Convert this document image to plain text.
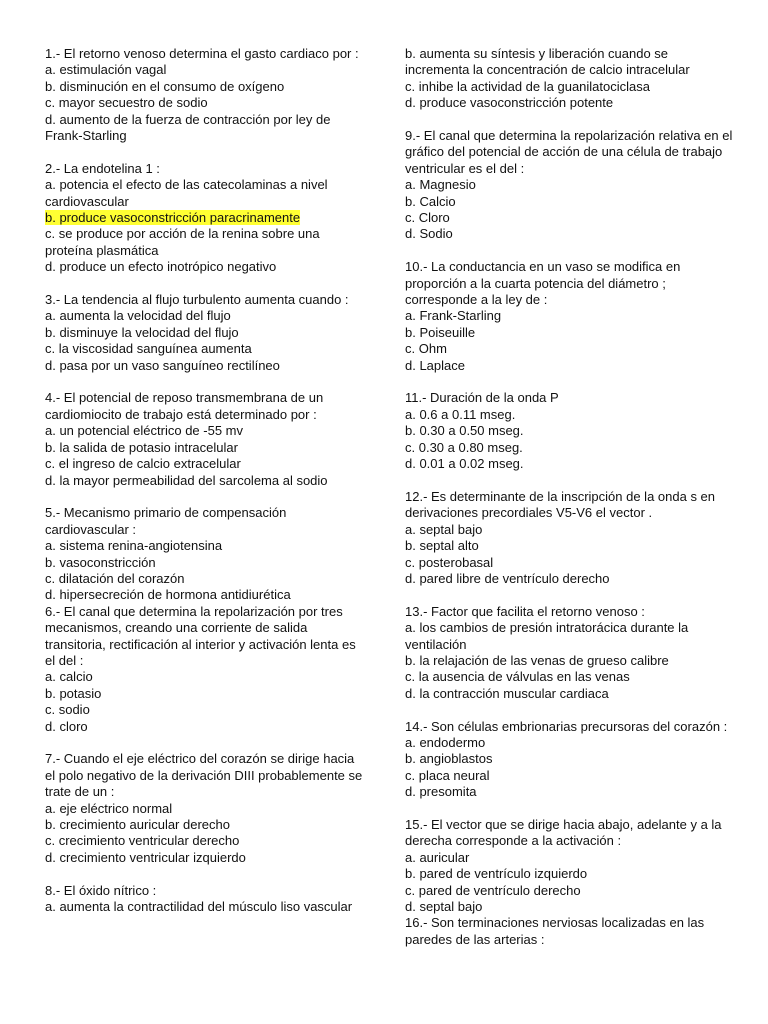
1.- El retorno venoso determina el gasto cardiaco por :
a. estimulación vagal
b. disminución en el consumo de oxígeno
c. mayor secuestro de sodio
d. aumento de la fuerza de contracción por ley de Frank-Starling
2.- La endotelina 1 :
a. potencia el efecto de las catecolaminas a nivel cardiovascular
b. produce vasoconstricción paracrinamente
c. se produce por acción de la renina sobre una proteína plasmática
d. produce un efecto inotrópico negativo
3.- La tendencia al flujo turbulento aumenta cuando :
a. aumenta la velocidad del flujo
b. disminuye la velocidad del flujo
c. la viscosidad sanguínea aumenta
d. pasa por un vaso sanguíneo rectilíneo
4.- El potencial de reposo transmembrana de un cardiomiocito de trabajo está determinado por :
a. un potencial eléctrico de -55 mv
b. la salida de potasio intracelular
c. el ingreso de calcio extracelular
d. la mayor permeabilidad del sarcolema al sodio
5.- Mecanismo primario de compensación cardiovascular :
a. sistema renina-angiotensina
b. vasoconstricción
c. dilatación del corazón
d. hipersecreción de hormona antidiurética
6.- El canal que determina la repolarización por tres mecanismos, creando una corriente de salida transitoria, rectificación al interior y activación lenta es el del :
a. calcio
b. potasio
c. sodio
d. cloro
7.- Cuando el eje eléctrico del corazón se dirige hacia el polo negativo de la derivación DIII probablemente se trate de un :
a. eje eléctrico normal
b. crecimiento auricular derecho
c. crecimiento ventricular derecho
d. crecimiento ventricular izquierdo
8.- El óxido nítrico :
a. aumenta la contractilidad del músculo liso vascular
b. aumenta su síntesis y liberación cuando se incrementa la concentración de calcio intracelular
c. inhibe la actividad de la guanilatociclasa
d. produce vasoconstricción potente
9.- El canal que determina la repolarización relativa en el gráfico del potencial de acción de una célula de trabajo ventricular es el del :
a. Magnesio
b. Calcio
c. Cloro
d. Sodio
10.- La conductancia en un vaso se modifica en proporción a la cuarta potencia del diámetro ; corresponde a la ley de :
a. Frank-Starling
b. Poiseuille
c. Ohm
d. Laplace
11.- Duración de la onda P
a. 0.6 a 0.11 mseg.
b. 0.30 a 0.50 mseg.
c. 0.30 a 0.80 mseg.
d. 0.01 a 0.02 mseg.
12.- Es determinante de la inscripción de la onda s en derivaciones precordiales V5-V6 el vector .
a. septal bajo
b. septal alto
c. posterobasal
d. pared libre de ventrículo derecho
13.- Factor que facilita el retorno venoso :
a. los cambios de presión intratorácica durante la ventilación
b. la relajación de las venas de grueso calibre
c. la ausencia de válvulas en las venas
d. la contracción muscular cardiaca
14.- Son células embrionarias precursoras del corazón :
a. endodermo
b. angioblastos
c. placa neural
d. presomita
15.- El vector que se dirige hacia abajo, adelante y a la derecha corresponde a la activación :
a. auricular
b. pared de ventrículo izquierdo
c. pared de ventrículo derecho
d. septal bajo
16.- Son terminaciones nerviosas localizadas en las paredes de las arterias :
